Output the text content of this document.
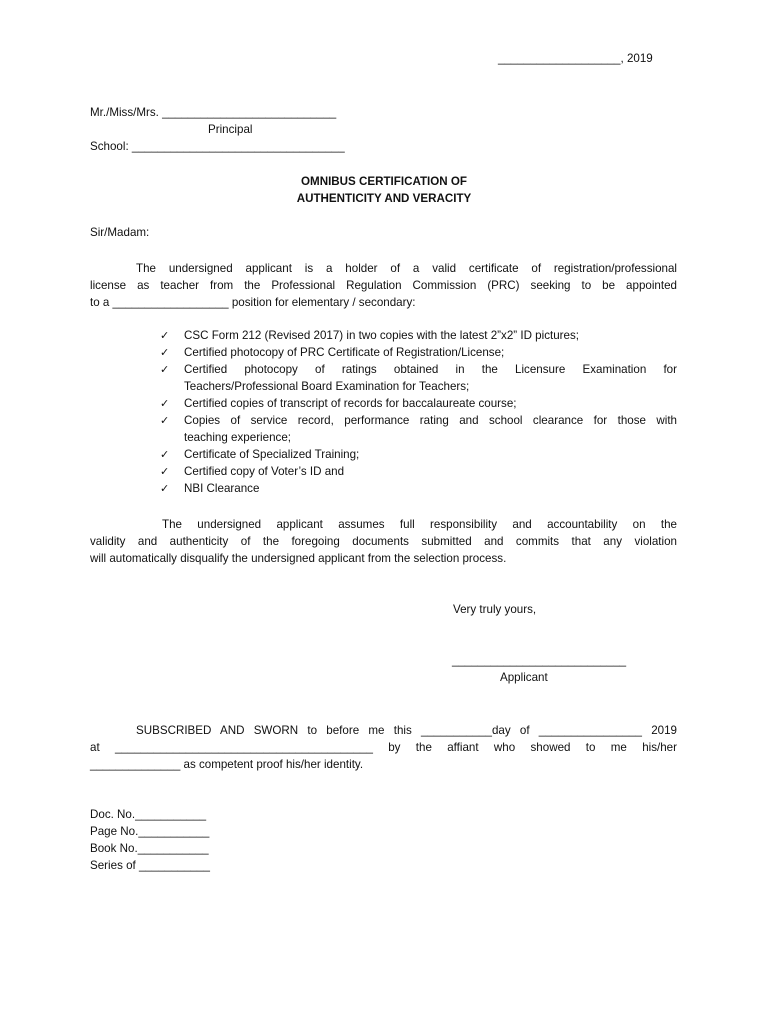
___________________, 2019
Mr./Miss/Mrs. ___________________________
Principal
School: _________________________________
OMNIBUS CERTIFICATION OF
AUTHENTICITY AND VERACITY
Sir/Madam:
The undersigned applicant is a holder of a valid certificate of registration/professional
license as teacher from the Professional Regulation Commission (PRC) seeking to be appointed
to a __________________ position for elementary / secondary:
✓ CSC Form 212 (Revised 2017) in two copies with the latest 2”x2” ID pictures;
✓ Certified photocopy of PRC Certificate of Registration/License;
✓ Certified photocopy of ratings obtained in the Licensure Examination for
Teachers/Professional Board Examination for Teachers;
✓ Certified copies of transcript of records for baccalaureate course;
✓ Copies of service record, performance rating and school clearance for those with
teaching experience;
✓ Certificate of Specialized Training;
✓ Certified copy of Voter’s ID and
✓ NBI Clearance
The undersigned applicant assumes full responsibility and accountability on the
validity and authenticity of the foregoing documents submitted and commits that any violation
will automatically disqualify the undersigned applicant from the selection process.
Very truly yours,
___________________________
Applicant
SUBSCRIBED AND SWORN to before me this ___________day of ________________ 2019
at ________________________________________ by the affiant who showed to me his/her
______________ as competent proof his/her identity.
Doc. No.___________
Page No.___________
Book No.___________
Series of ___________
